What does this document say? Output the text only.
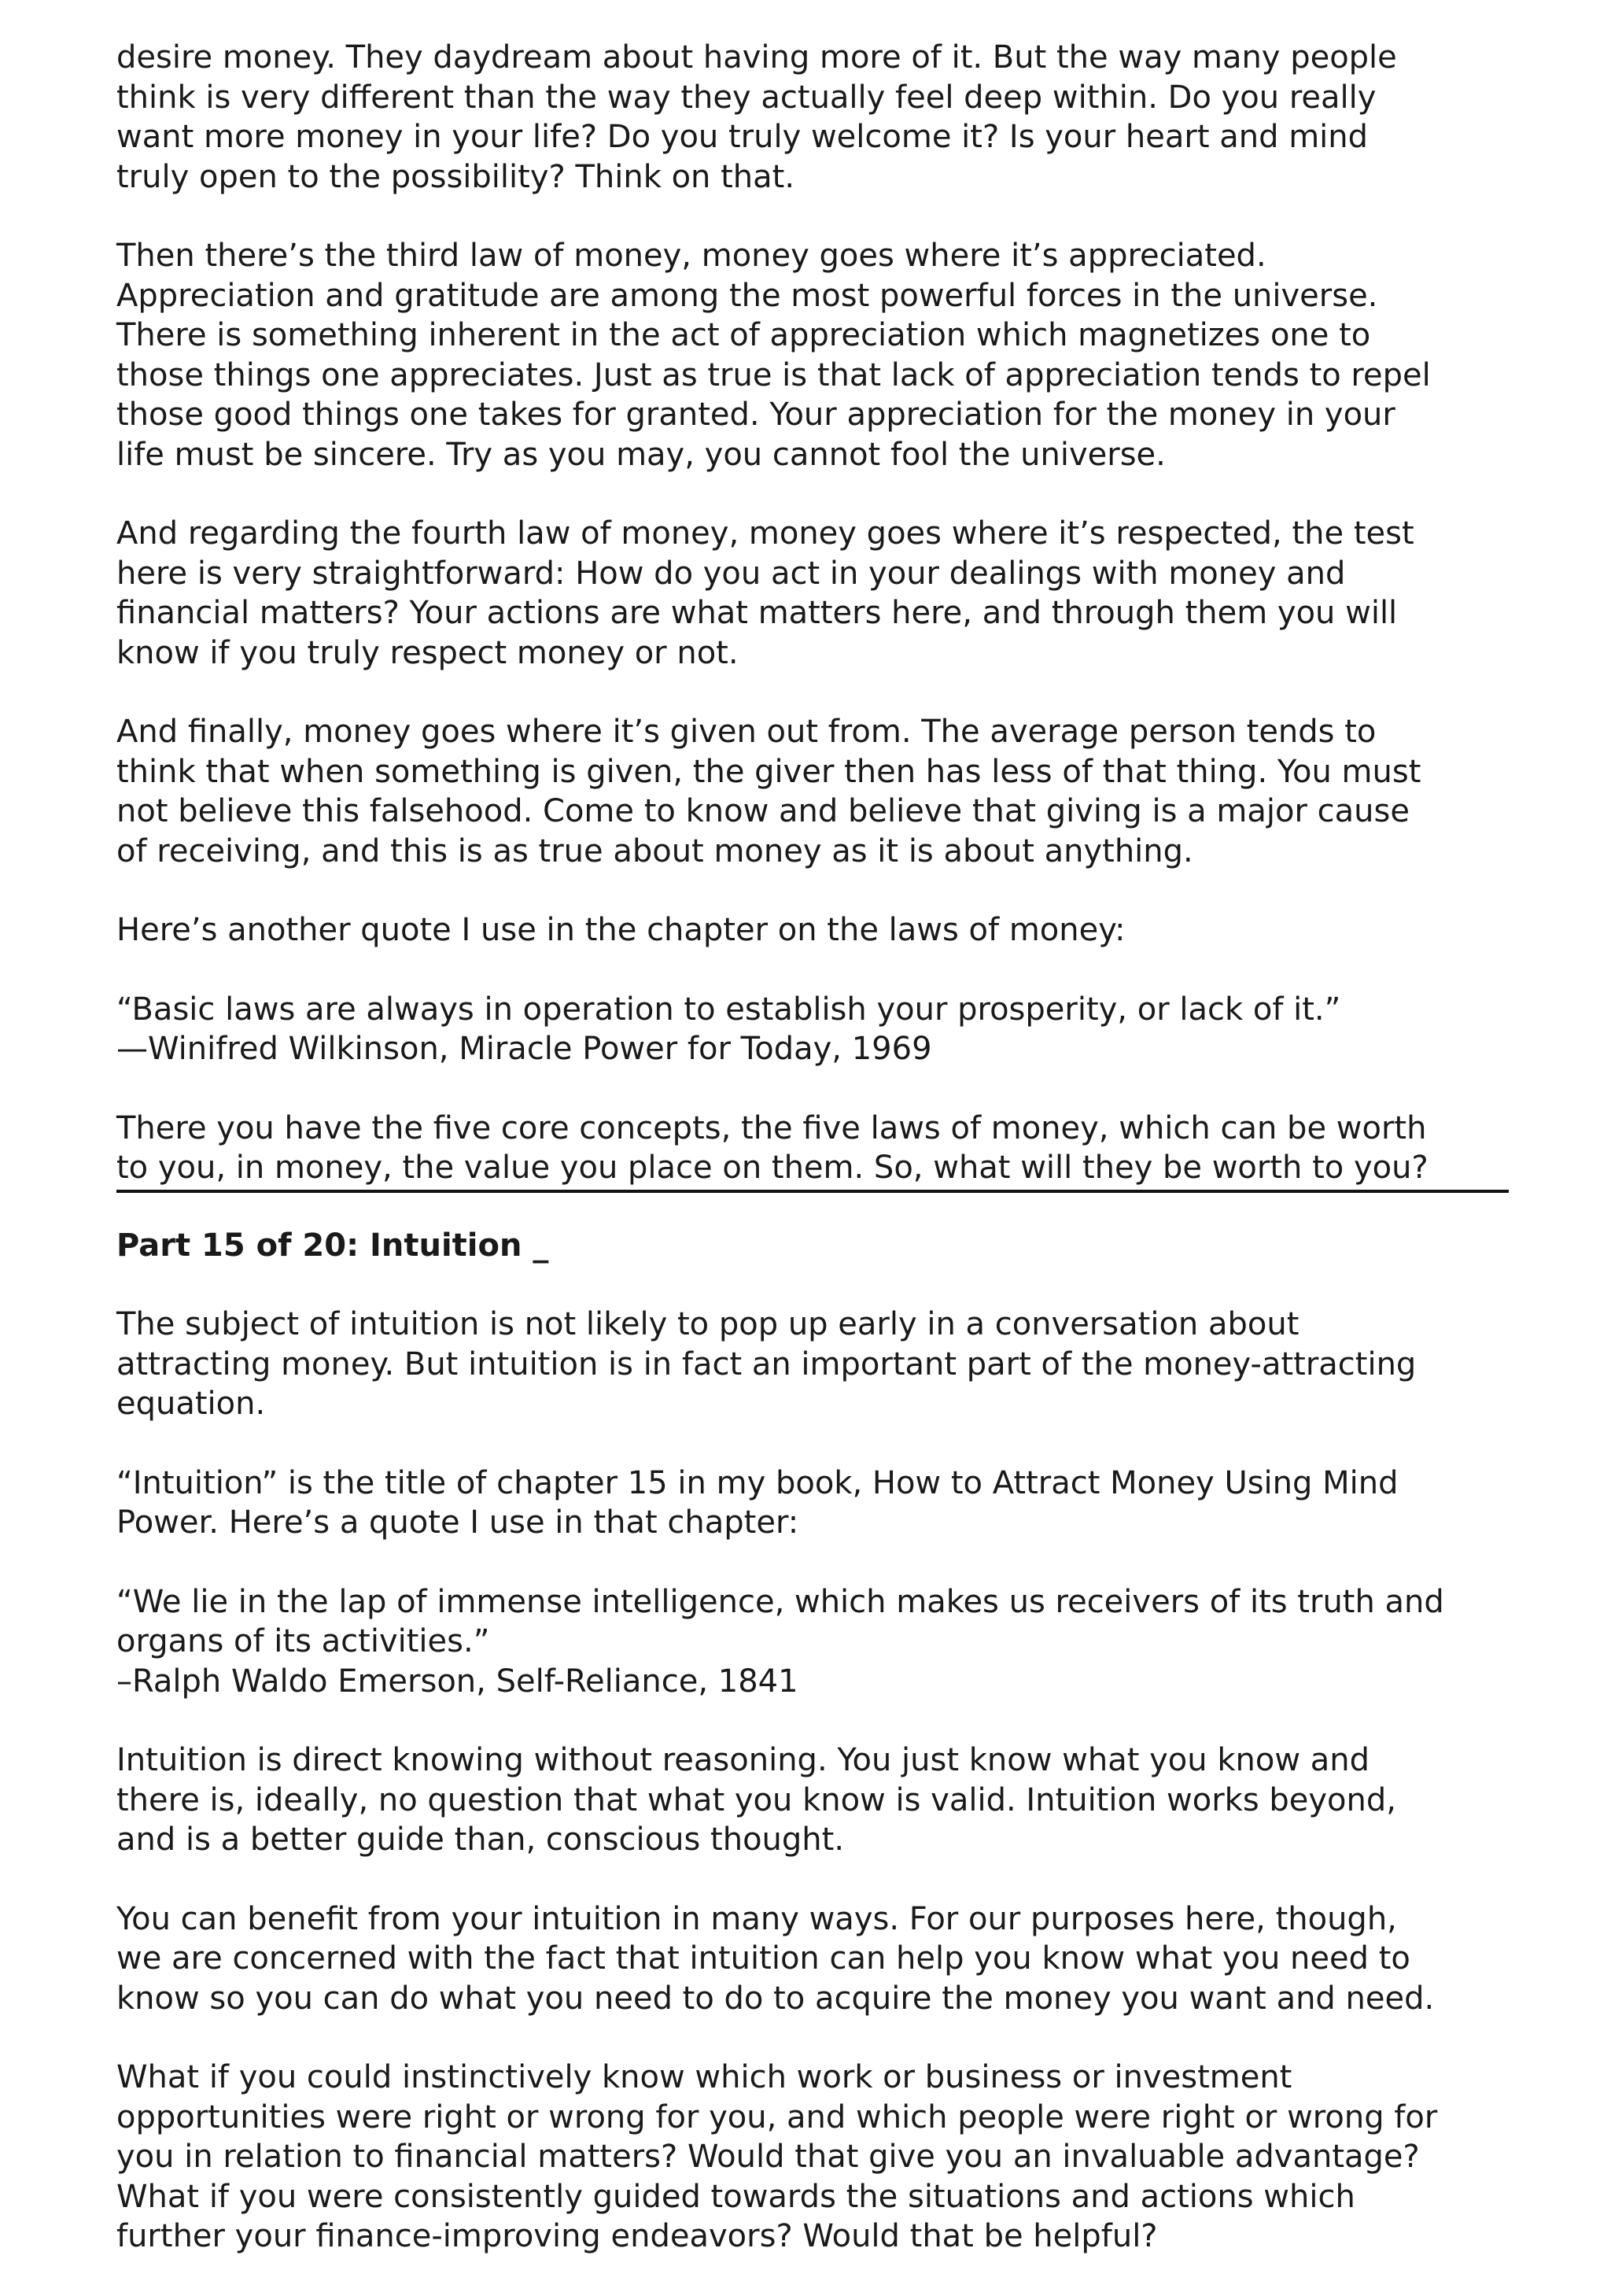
desire money. They daydream about having more of it. But the way many people
think is very different than the way they actually feel deep within. Do you really
want more money in your life? Do you truly welcome it? Is your heart and mind
truly open to the possibility? Think on that.
Then there’s the third law of money, money goes where it’s appreciated.
Appreciation and gratitude are among the most powerful forces in the universe.
There is something inherent in the act of appreciation which magnetizes one to
those things one appreciates. Just as true is that lack of appreciation tends to repel
those good things one takes for granted. Your appreciation for the money in your
life must be sincere. Try as you may, you cannot fool the universe.
And regarding the fourth law of money, money goes where it’s respected, the test
here is very straightforward: How do you act in your dealings with money and
financial matters? Your actions are what matters here, and through them you will
know if you truly respect money or not.
And finally, money goes where it’s given out from. The average person tends to
think that when something is given, the giver then has less of that thing. You must
not believe this falsehood. Come to know and believe that giving is a major cause
of receiving, and this is as true about money as it is about anything.
Here’s another quote I use in the chapter on the laws of money:
“Basic laws are always in operation to establish your prosperity, or lack of it.”
—Winifred Wilkinson, Miracle Power for Today, 1969
There you have the five core concepts, the five laws of money, which can be worth
to you, in money, the value you place on them. So, what will they be worth to you?
Part 15 of 20: Intuition _
The subject of intuition is not likely to pop up early in a conversation about
attracting money. But intuition is in fact an important part of the money-attracting
equation.
“Intuition” is the title of chapter 15 in my book, How to Attract Money Using Mind
Power. Here’s a quote I use in that chapter:
“We lie in the lap of immense intelligence, which makes us receivers of its truth and
organs of its activities.”
–Ralph Waldo Emerson, Self-Reliance, 1841
Intuition is direct knowing without reasoning. You just know what you know and
there is, ideally, no question that what you know is valid. Intuition works beyond,
and is a better guide than, conscious thought.
You can benefit from your intuition in many ways. For our purposes here, though,
we are concerned with the fact that intuition can help you know what you need to
know so you can do what you need to do to acquire the money you want and need.
What if you could instinctively know which work or business or investment
opportunities were right or wrong for you, and which people were right or wrong for
you in relation to financial matters? Would that give you an invaluable advantage?
What if you were consistently guided towards the situations and actions which
further your finance-improving endeavors? Would that be helpful?
